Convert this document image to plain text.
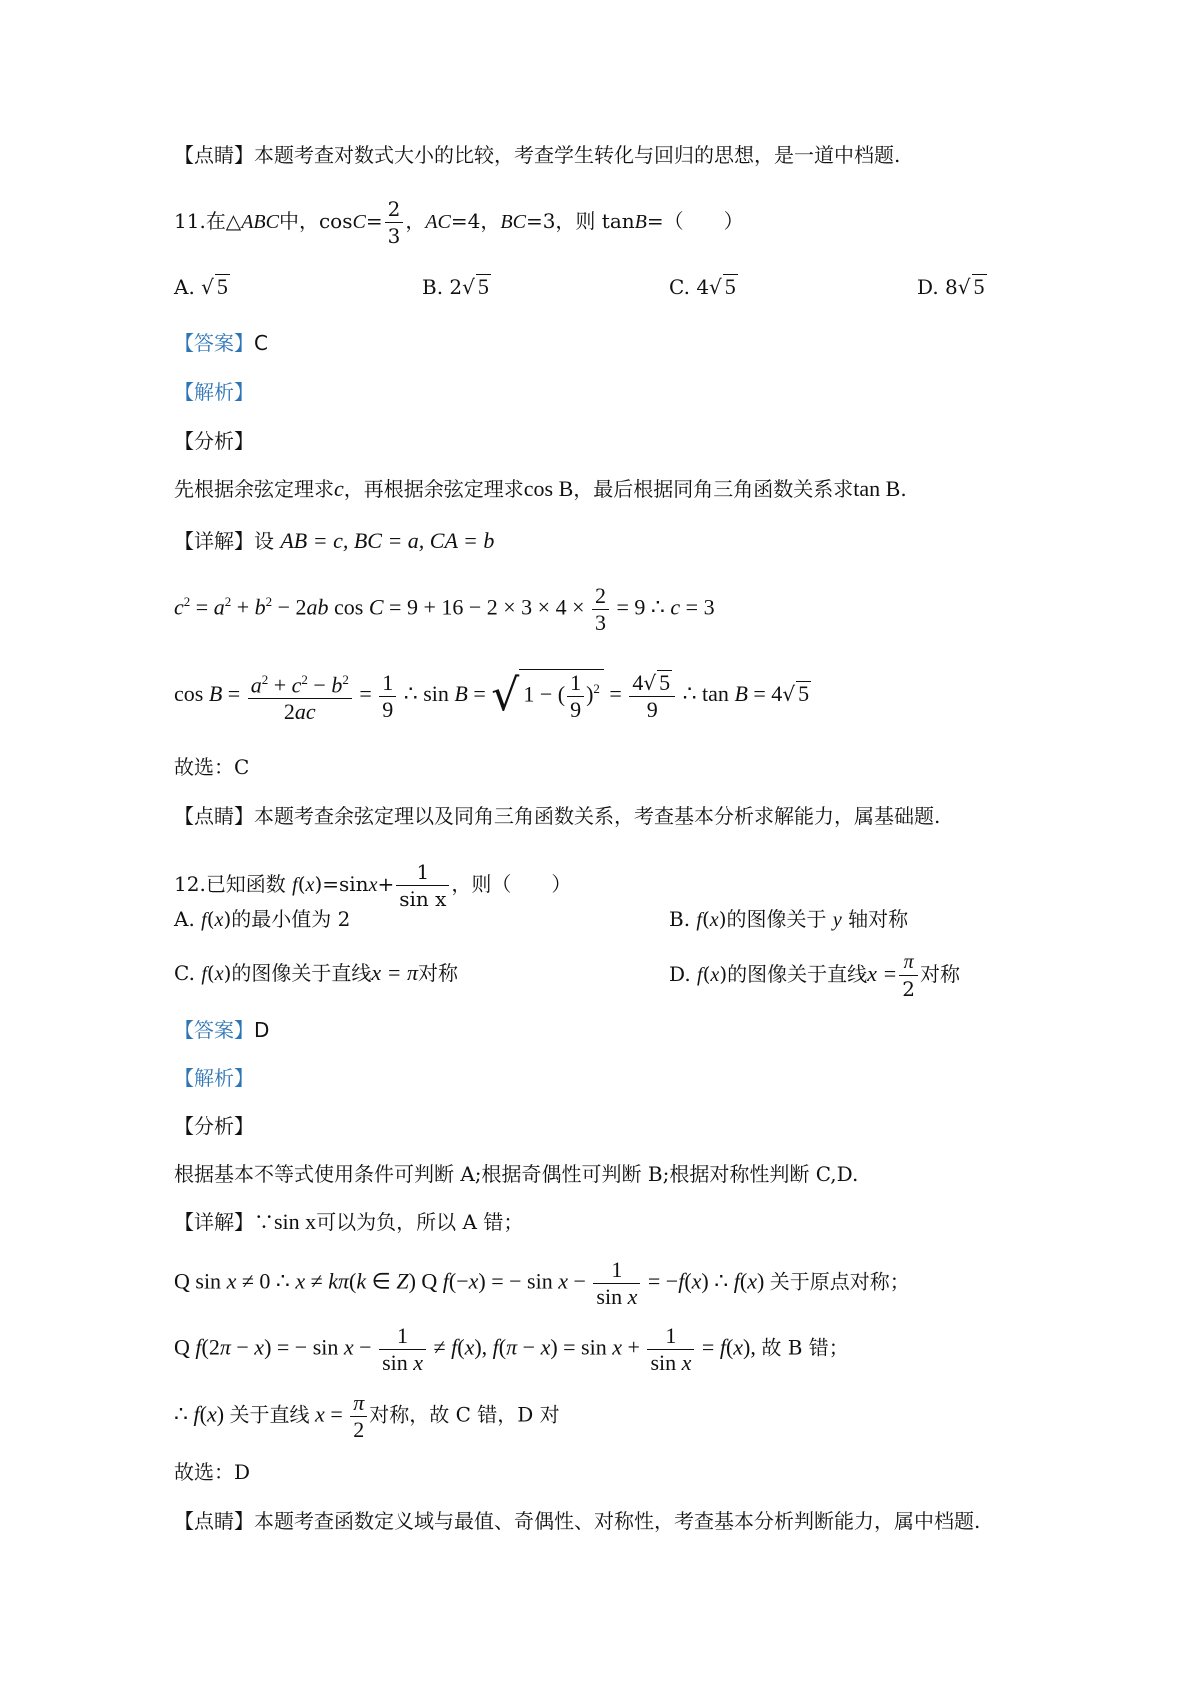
【点睛】本题考查对数式大小的比较，考查学生转化与回归的思想，是一道中档题.
11.在△ABC中，$\cos C= \frac{2}{3}$ ，AC=4，BC=3，则 tanB=（　　）
A. √ 5	B. 2√ 5	C. 4√ 5	D. 8√ 5
【答案】C
【解析】
【分析】
先根据余弦定理求c，再根据余弦定理求cos B，最后根据同角三角函数关系求tan B.
【详解】设 AB = c, BC = a, CA = b
$c^2 = a^2 + b^2 - 2ab$ $\cos C = 9 + 16 - 2 \times 3 \times 4 \times \frac{2}{3} = 9$ ∴ c = 3
$\cos B = \frac{a^2 + c^2 - b^2}{2ac} = \frac{1}{9}$ ∴ sin B = √ 1 − ( $\frac{1}{9} )^2 = \frac{4√ 5}{9}$ ∴ tan B = 4√ 5
故选：C
【点睛】本题考查余弦定理以及同角三角函数关系，考查基本分析求解能力，属基础题.
12.已知函数 $f(x)=\sin x+ \frac{1}{\text{sin x}}$ ，则（　　）
A. f(x)的最小值为 2	B. f(x)的图像关于 y 轴对称
C. f(x)的图像关于直线x = π对称	D. f(x)的图像关于直线$x = \frac{\pi}{2}$ 对称
【答案】D
【解析】
【分析】
根据基本不等式使用条件可判断 A;根据奇偶性可判断 B;根据对称性判断 C,D.
【详解】∵sin x可以为负，所以 A 错；
Q sin x ≠ 0 ∴ x ≠ kπ(k ∈ Z) Q f(−x) = − $\sin x - \frac{1}{\text{sin x}} = -f(x)$ ∴ f(x) 关于原点对称；
Q f(2π − x) = − $\sin x - \frac{1}{\text{sin x}} \ne f(x)$, $f(\pi - x) = \sin x + \frac{1}{\text{sin x}} = f(x)$, 故 B 错；
∴ f(x) 关于直线 $x = \frac{\pi}{2}$ 对称，故 C 错，D 对
故选：D
【点睛】本题考查函数定义域与最值、奇偶性、对称性，考查基本分析判断能力，属中档题.
